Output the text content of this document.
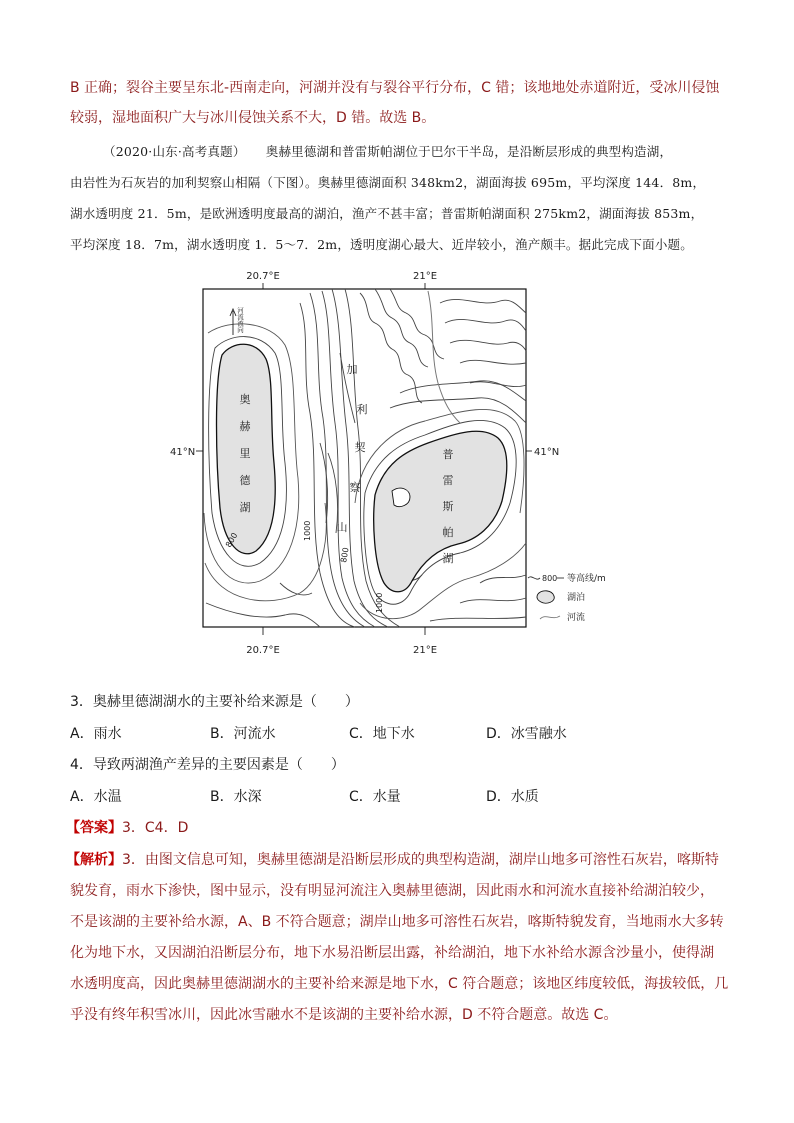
B 正确；裂谷主要呈东北-西南走向，河湖并没有与裂谷平行分布，C 错；该地地处赤道附近，受冰川侵蚀
较弱，湿地面积广大与冰川侵蚀关系不大，D 错。故选 B。
（2020·山东·高考真题） 奥赫里德湖和普雷斯帕湖位于巴尔干半岛，是沿断层形成的典型构造湖，
由岩性为石灰岩的加利契察山相隔（下图）。奥赫里德湖面积 348km2，湖面海拔 695m，平均深度 144．8m，
湖水透明度 21．5m，是欧洲透明度最高的湖泊，渔产不甚丰富；普雷斯帕湖面积 275km2，湖面海拔 853m，
平均深度 18．7m，湖水透明度 1．5～7．2m，透明度湖心最大、近岸较小，渔产颇丰。据此完成下面小题。
20.7°E	21°E
20.7°E	21°E
41°N	41°N
奥
赫
里
德
湖
普
雷
斯
帕
湖
加
利
契
察
山
800	1000
800
1000
河流流向
800 等高线/m
湖泊
河流
3．奥赫里德湖湖水的主要补给来源是（　　）
A．雨水	B．河流水	C．地下水	D．冰雪融水
4．导致两湖渔产差异的主要因素是（　　）
A．水温	B．水深	C．水量	D．水质
【答案】3．C4．D
【解析】3．由图文信息可知，奥赫里德湖是沿断层形成的典型构造湖，湖岸山地多可溶性石灰岩，喀斯特
貌发育，雨水下渗快，图中显示，没有明显河流注入奥赫里德湖，因此雨水和河流水直接补给湖泊较少，
不是该湖的主要补给水源，A、B 不符合题意；湖岸山地多可溶性石灰岩，喀斯特貌发育，当地雨水大多转
化为地下水，又因湖泊沿断层分布，地下水易沿断层出露，补给湖泊，地下水补给水源含沙量小，使得湖
水透明度高，因此奥赫里德湖湖水的主要补给来源是地下水，C 符合题意；该地区纬度较低，海拔较低，几
乎没有终年积雪冰川，因此冰雪融水不是该湖的主要补给水源，D 不符合题意。故选 C。
